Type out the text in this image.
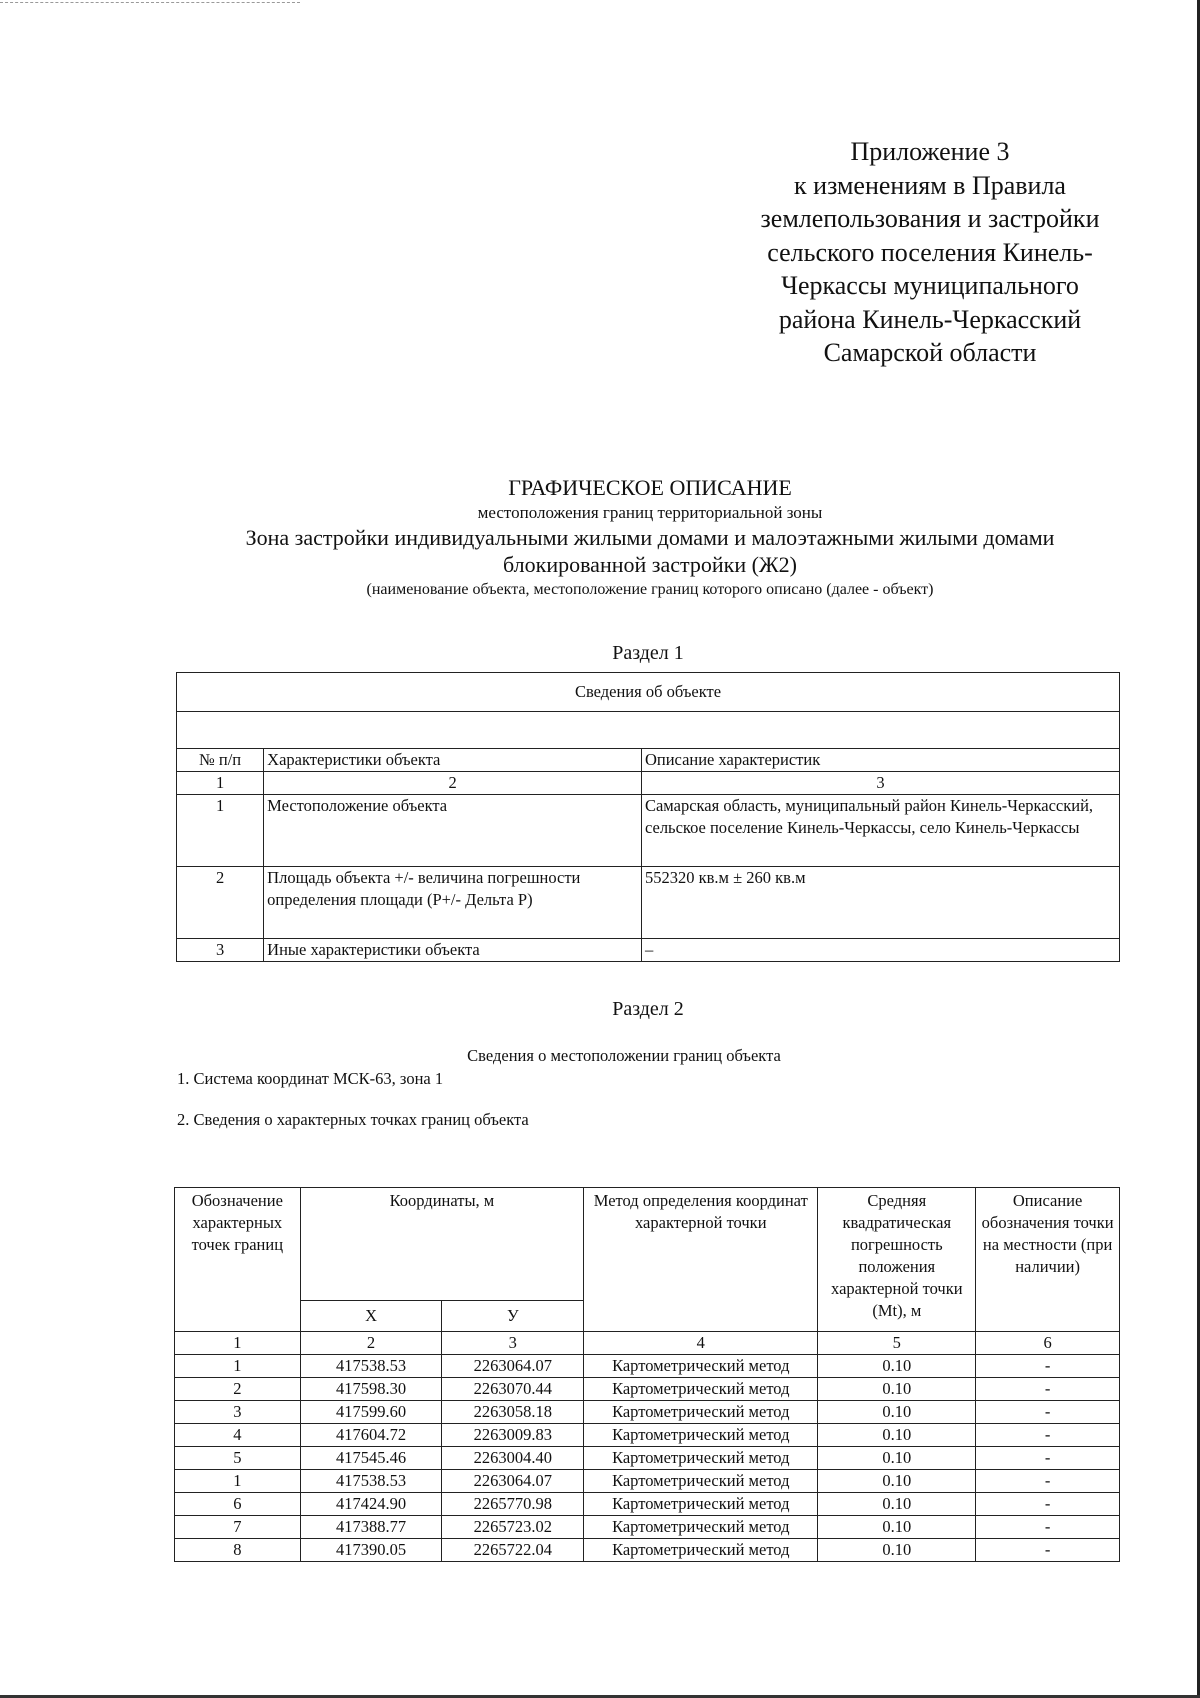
Приложение 3
к изменениям в Правила
землепользования и застройки
сельского поселения Кинель-
Черкассы муниципального
района Кинель-Черкасский
Самарской области
ГРАФИЧЕСКОЕ ОПИСАНИЕ
местоположения границ территориальной зоны
Зона застройки индивидуальными жилыми домами и малоэтажными жилыми домами
блокированной застройки (Ж2)
(наименование объекта, местоположение границ которого описано (далее - объект)
Раздел 1
Сведения об объекте		

№ п/п	Характеристики объекта	Описание характеристик
1	2	3
1	Местоположение объекта	Самарская область, муниципальный район Кинель-Черкасский, сельское поселение Кинель-Черкассы, село Кинель-Черкассы
2	Площадь объекта +/- величина погрешности определения площади (Р+/- Дельта Р)	552320 кв.м ± 260 кв.м
3	Иные характеристики объекта	–
Раздел 2
Сведения о местоположении границ объекта
1. Система координат МСК-63, зона 1
2. Сведения о характерных точках границ объекта
Обозначение характерных точек границ	Координаты, м		Метод определения координат характерной точки	Средняя квадратическая погрешность положения характерной точки (Mt), м	Описание обозначения точки на местности (при наличии)
	X	У			
1	2	3	4	5	6
1	417538.53	2263064.07	Картометрический метод	0.10	-
2	417598.30	2263070.44	Картометрический метод	0.10	-
3	417599.60	2263058.18	Картометрический метод	0.10	-
4	417604.72	2263009.83	Картометрический метод	0.10	-
5	417545.46	2263004.40	Картометрический метод	0.10	-
1	417538.53	2263064.07	Картометрический метод	0.10	-
6	417424.90	2265770.98	Картометрический метод	0.10	-
7	417388.77	2265723.02	Картометрический метод	0.10	-
8	417390.05	2265722.04	Картометрический метод	0.10	-
